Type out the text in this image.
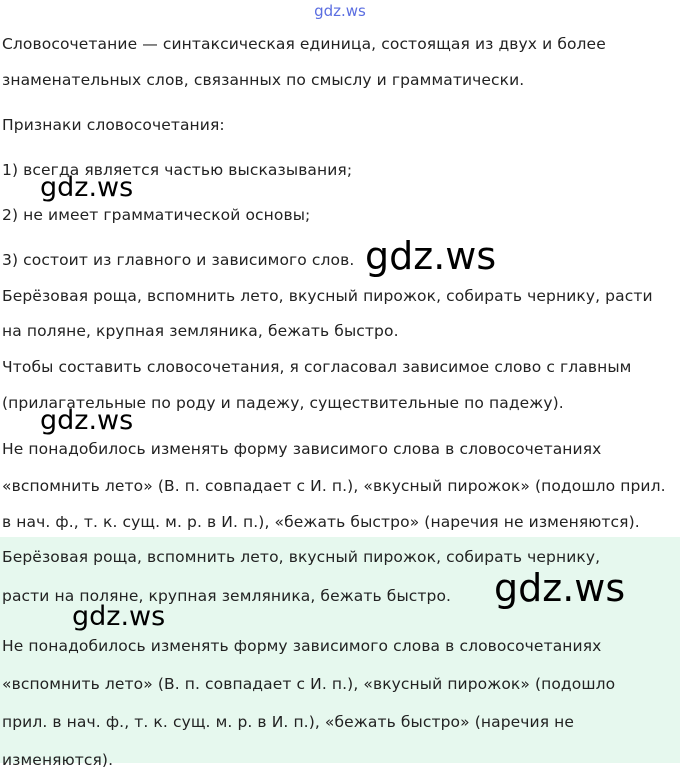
gdz.ws
Словосочетание — синтаксическая единица, состоящая из двух и более
знаменательных слов, связанных по смыслу и грамматически.
Признаки словосочетания:
1) всегда является частью высказывания;
2) не имеет грамматической основы;
3) состоит из главного и зависимого слов.
Берёзовая роща, вспомнить лето, вкусный пирожок, собирать чернику, расти
на поляне, крупная земляника, бежать быстро.
Чтобы составить словосочетания, я согласовал зависимое слово с главным
(прилагательные по роду и падежу, существительные по падежу).
Не понадобилось изменять форму зависимого слова в словосочетаниях
«вспомнить лето» (В. п. совпадает с И. п.), «вкусный пирожок» (подошло прил.
в нач. ф., т. к. сущ. м. р. в И. п.), «бежать быстро» (наречия не изменяются).
Берёзовая роща, вспомнить лето, вкусный пирожок, собирать чернику,
расти на поляне, крупная земляника, бежать быстро.
Не понадобилось изменять форму зависимого слова в словосочетаниях
«вспомнить лето» (В. п. совпадает с И. п.), «вкусный пирожок» (подошло
прил. в нач. ф., т. к. сущ. м. р. в И. п.), «бежать быстро» (наречия не
изменяются).
gdz.ws
gdz.ws
gdz.ws
gdz.ws
gdz.ws
